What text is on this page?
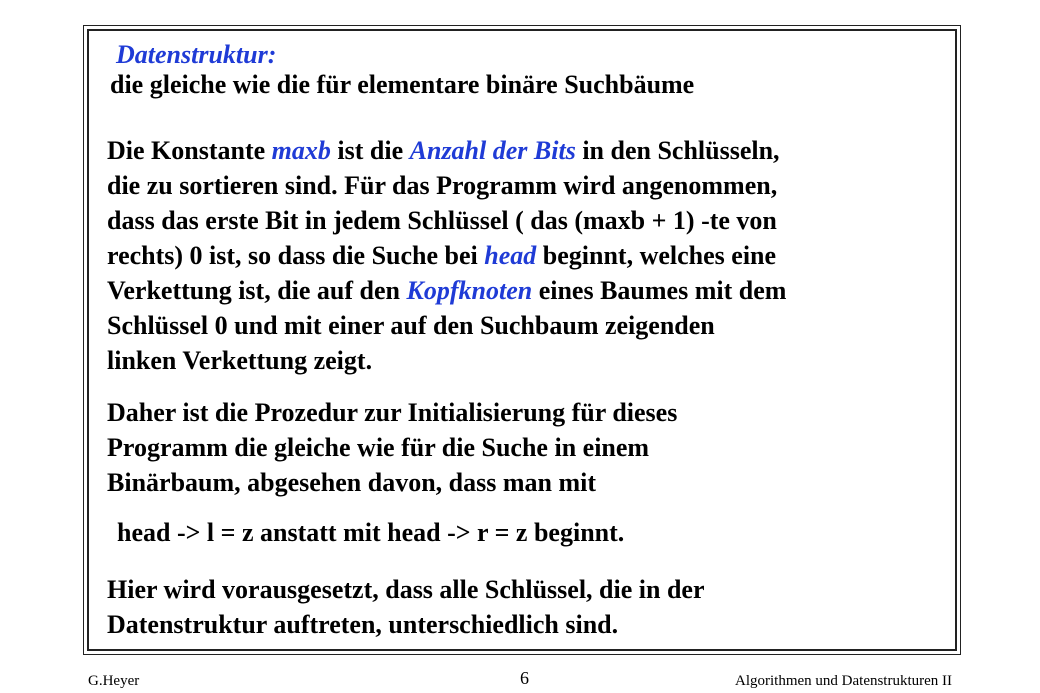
Datenstruktur:
die gleiche wie die für elementare binäre Suchbäume
Die Konstante maxb ist die Anzahl der Bits in den Schlüsseln,
die zu sortieren sind. Für das Programm wird angenommen,
dass das erste Bit in jedem Schlüssel ( das (maxb + 1) -te von
rechts) 0 ist, so dass die Suche bei head beginnt, welches eine
Verkettung ist, die auf den Kopfknoten eines Baumes mit dem
Schlüssel 0 und mit einer auf den Suchbaum zeigenden
linken Verkettung zeigt.
Daher ist die Prozedur zur Initialisierung für dieses
Programm die gleiche wie für die Suche in einem
Binärbaum, abgesehen davon, dass man mit
head -> l = z anstatt mit head -> r = z beginnt.
Hier wird vorausgesetzt, dass alle Schlüssel, die in der
Datenstruktur auftreten, unterschiedlich sind.
G.Heyer	6	Algorithmen und Datenstrukturen II
